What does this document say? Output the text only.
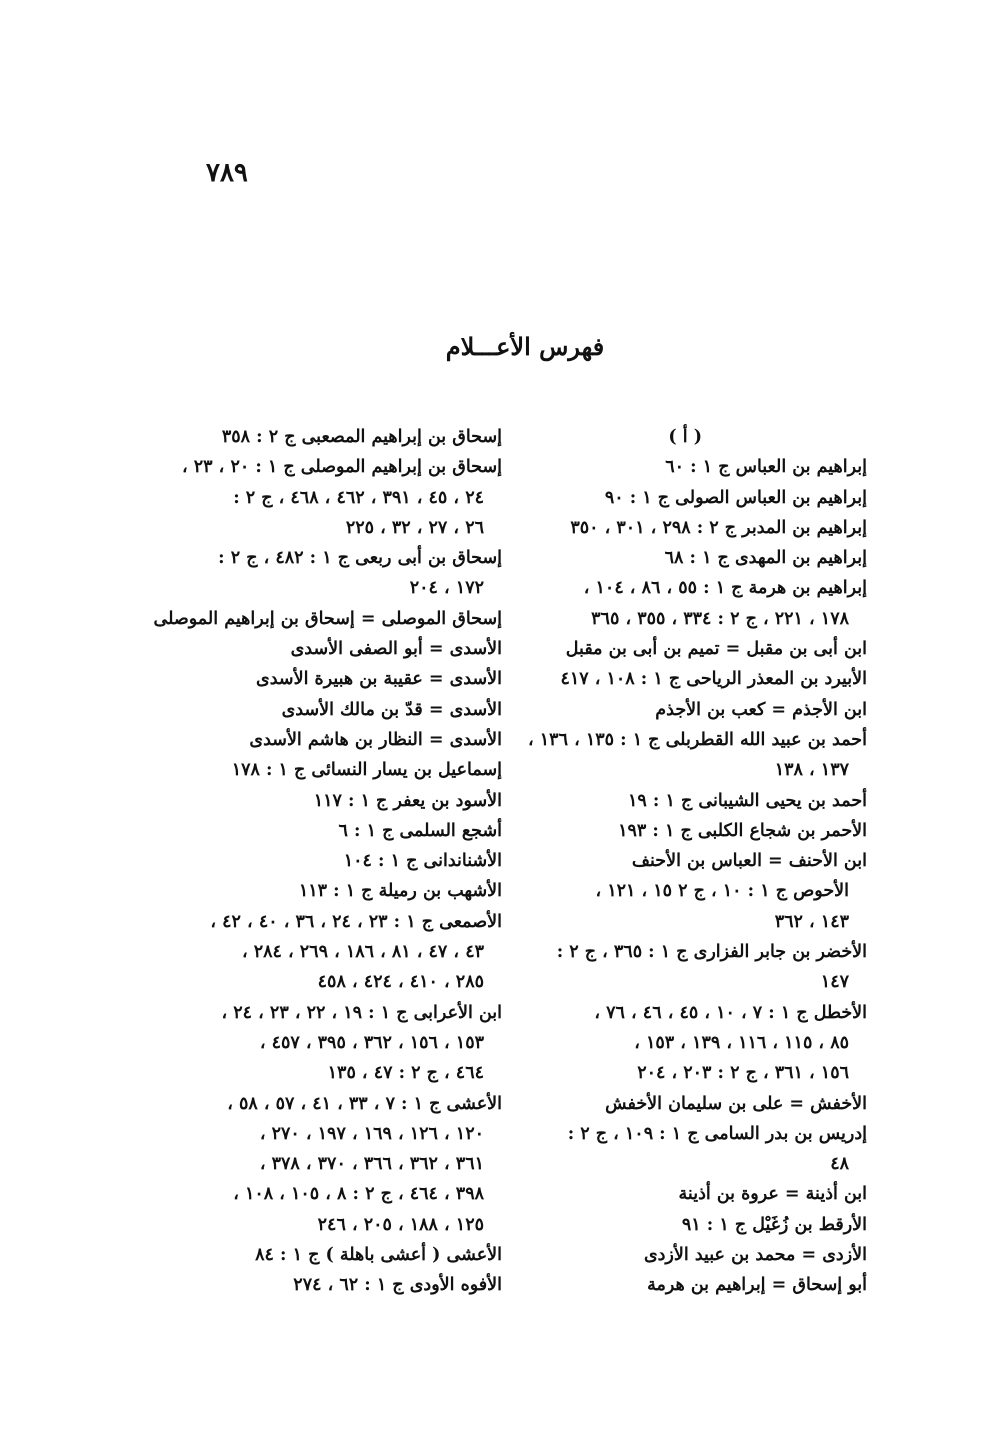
٧٨٩
فهرس الأعـــلام
( أ )
إبراهيم بن العباس ج ١ : ٦٠
إبراهيم بن العباس الصولى ج ١ : ٩٠
إبراهيم بن المدبر ج ٢ : ٢٩٨ ، ٣٠١ ، ٣٥٠
إبراهيم بن المهدى ج ١ : ٦٨
إبراهيم بن هرمة ج ١ : ٥٥ ، ٨٦ ، ١٠٤ ،
١٧٨ ، ٢٢١ ، ج ٢ : ٣٣٤ ، ٣٥٥ ، ٣٦٥
ابن أبى بن مقبل = تميم بن أبى بن مقبل
الأبيرد بن المعذر الرياحى ج ١ : ١٠٨ ، ٤١٧
ابن الأجذم = كعب بن الأجذم
أحمد بن عبيد الله القطربلى ج ١ : ١٣٥ ، ١٣٦ ،
١٣٧ ، ١٣٨
أحمد بن يحيى الشيبانى ج ١ : ١٩
الأحمر بن شجاع الكلبى ج ١ : ١٩٣
ابن الأحنف = العباس بن الأحنف
الأحوص ج ١ : ١٠ ، ج ٢ ١٥ ، ١٢١ ،
١٤٣ ، ٣٦٢
الأخضر بن جابر الفزارى ج ١ : ٣٦٥ ، ج ٢ :
١٤٧
الأخطل ج ١ : ٧ ، ١٠ ، ٤٥ ، ٤٦ ، ٧٦ ،
٨٥ ، ١١٥ ، ١١٦ ، ١٣٩ ، ١٥٣ ،
١٥٦ ، ٣٦١ ، ج ٢ : ٢٠٣ ، ٢٠٤
الأخفش = على بن سليمان الأخفش
إدريس بن بدر السامى ج ١ : ١٠٩ ، ج ٢ :
٤٨
ابن أذينة = عروة بن أذينة
الأرقط بن زُغَيْل ج ١ : ٩١
الأزدى = محمد بن عبيد الأزدى
أبو إسحاق = إبراهيم بن هرمة
إسحاق بن إبراهيم المصعبى ج ٢ : ٣٥٨
إسحاق بن إبراهيم الموصلى ج ١ : ٢٠ ، ٢٣ ،
٢٤ ، ٤٥ ، ٣٩١ ، ٤٦٢ ، ٤٦٨ ، ج ٢ :
٢٦ ، ٢٧ ، ٣٢ ، ٢٢٥
إسحاق بن أبى ربعى ج ١ : ٤٨٢ ، ج ٢ :
١٧٢ ، ٢٠٤
إسحاق الموصلى = إسحاق بن إبراهيم الموصلى
الأسدى = أبو الصفى الأسدى
الأسدى = عقيبة بن هبيرة الأسدى
الأسدى = قدّ بن مالك الأسدى
الأسدى = النظار بن هاشم الأسدى
إسماعيل بن يسار النسائى ج ١ : ١٧٨
الأسود بن يعفر ج ١ : ١١٧
أشجع السلمى ج ١ : ٦
الأشناندانى ج ١ : ١٠٤
الأشهب بن رميلة ج ١ : ١١٣
الأصمعى ج ١ : ٢٣ ، ٢٤ ، ٣٦ ، ٤٠ ، ٤٢ ،
٤٣ ، ٤٧ ، ٨١ ، ١٨٦ ، ٢٦٩ ، ٢٨٤ ،
٢٨٥ ، ٤١٠ ، ٤٢٤ ، ٤٥٨
ابن الأعرابى ج ١ : ١٩ ، ٢٢ ، ٢٣ ، ٢٤ ،
١٥٣ ، ١٥٦ ، ٣٦٢ ، ٣٩٥ ، ٤٥٧ ،
٤٦٤ ، ج ٢ : ٤٧ ، ١٣٥
الأعشى ج ١ : ٧ ، ٣٣ ، ٤١ ، ٥٧ ، ٥٨ ،
١٢٠ ، ١٢٦ ، ١٦٩ ، ١٩٧ ، ٢٧٠ ،
٣٦١ ، ٣٦٢ ، ٣٦٦ ، ٣٧٠ ، ٣٧٨ ،
٣٩٨ ، ٤٦٤ ، ج ٢ : ٨ ، ١٠٥ ، ١٠٨ ،
١٢٥ ، ١٨٨ ، ٢٠٥ ، ٢٤٦
الأعشى ( أعشى باهلة ) ج ١ : ٨٤
الأفوه الأودى ج ١ : ٦٢ ، ٢٧٤
